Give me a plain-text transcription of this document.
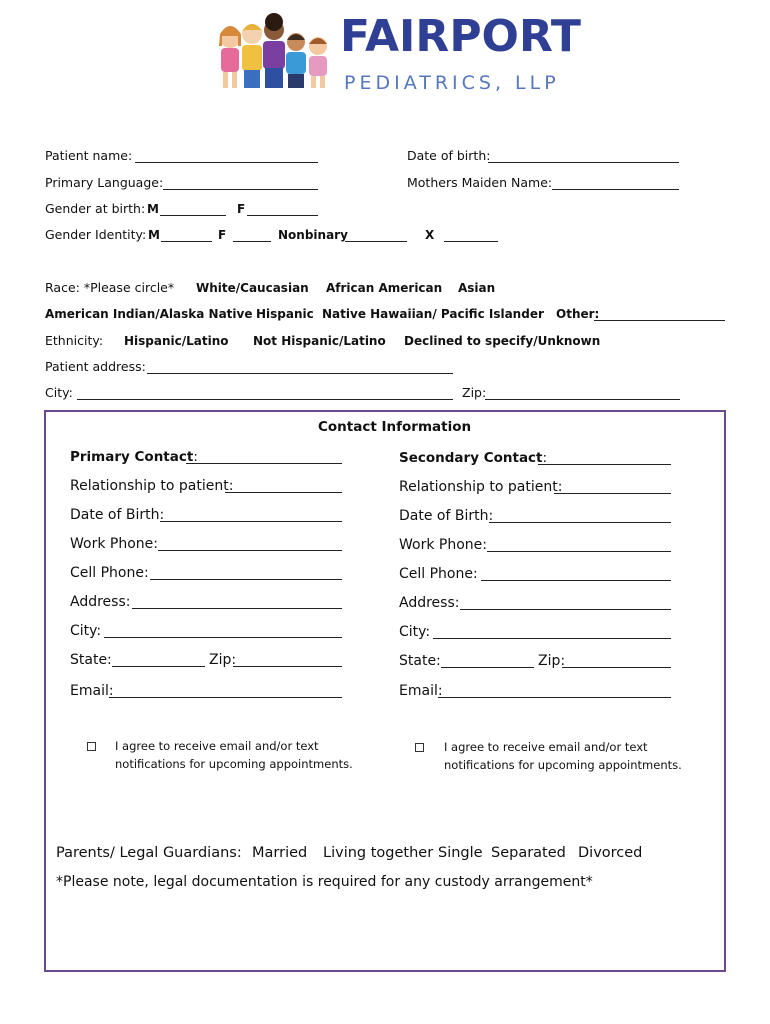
FAIRPORT
PEDIATRICS, LLP
Patient name:	Date of birth:
Primary Language:	Mothers Maiden Name:
Gender at birth: M	F
Gender Identity: M	F	Nonbinary	X
Race: *Please circle* White/Caucasian African American Asian
American Indian/Alaska Native Hispanic Native Hawaiian/ Pacific Islander Other:
Ethnicity: Hispanic/Latino Not Hispanic/Latino Declined to specify/Unknown
Patient address:
City:	Zip:
Contact Information
Primary Contact:
Relationship to patient:
Date of Birth:
Work Phone:
Cell Phone:
Address:
City:
State:	Zip:
Email:
I agree to receive email and/or text
notifications for upcoming appointments.
Secondary Contact:
Relationship to patient:
Date of Birth:
Work Phone:
Cell Phone:
Address:
City:
State:	Zip:
Email:
I agree to receive email and/or text
notifications for upcoming appointments.
Parents/ Legal Guardians: Married Living together Single Separated Divorced
*Please note, legal documentation is required for any custody arrangement*
